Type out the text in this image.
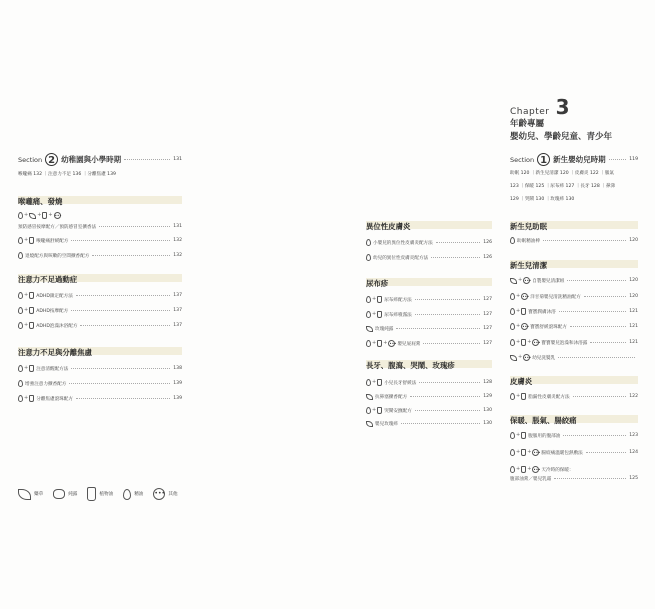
Chapter 3
年齡專屬
嬰幼兒、學齡兒童、青少年
Section 1 新生嬰幼兒時期	119
助眠 120 ｜新生兒清潔 120 ｜皮膚炎 122 ｜脹氣
123 ｜保暖 125 ｜尿布疹 127 ｜長牙 128 ｜鼻涕
129 ｜哭鬧 130 ｜玫瑰疹 130
Section 2 幼稚園與小學時期	131
喉嚨痛 132 ｜注意力不足 136 ｜分離焦慮 139
喉嚨痛、發燒
+ + + •••
預防感冒按摩配方／預防感冒室擴香法	131
+ 喉嚨痛舒緩配方	132
退燒配方與咳嗽的空間擴香配方	132
注意力不足過動症
+ ADHD鎮定配方法	137
+ ADHD按摩配方	137
+ ADHD泡澡沐浴配方	137
注意力不足與分離焦慮
+ 注意清醒配方法	138
增強注意力擴香配方	139
+ 分離焦慮滾珠配方	139
異位性皮膚炎
小嬰兒的異位性皮膚炎配方法	126
幼兒的異位性皮膚炎配方法	126
尿布疹
+ 尿布疹配方法	127
+ 尿布疹噴霧法	127
玫瑰純露	127
+ + ••• 嬰兒屁屁膏	127
長牙、腹瀉、哭鬧、玫瑰疹
+ 小兒長牙舒緩法	128
抗鼻塞擴香配方	129
+ 哭鬧安撫配方	130
嬰兒玫瑰疹	130
新生兒助眠
助眠精油棒	120
新生兒清潔
+ ••• 自製嬰兒清潔組	120
+ ••• 洋甘菊嬰兒清洗精油配方	120
+ 寶寶潤膚沐浴	121
+ ••• 寶寶舒緩滾珠配方	121
+ + ••• 寶寶嬰兒泡澡和沐浴露	121
+ ••• 幼兒洗髮乳
皮膚炎
+ 脂漏性皮膚炎配方法	122
保暖、脹氣、腸絞痛
+ 腹脹用的腹部油	123
+ + ••• 腸絞痛溫暖包熱敷法	124
+ + ••• 天冷時的保暖：
腹部油膏／嬰兒乳霜	125
藥草	純露	植物油	精油 ••• 其他
